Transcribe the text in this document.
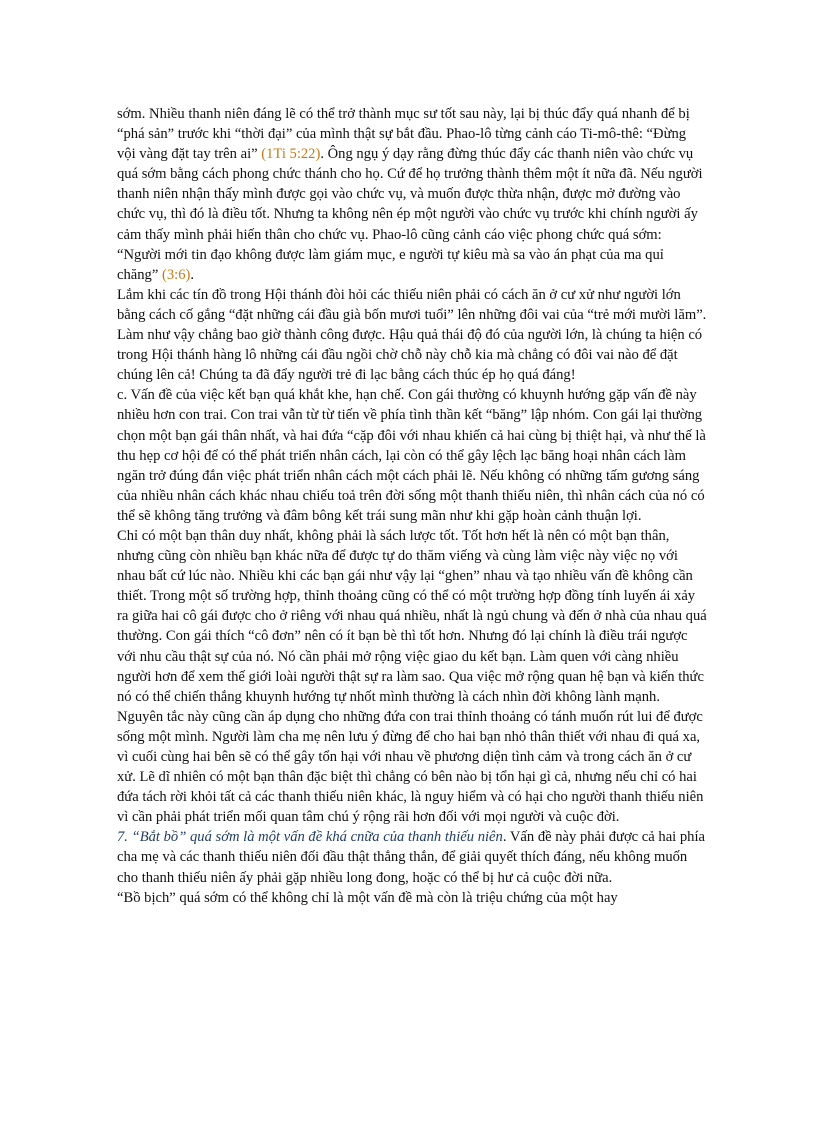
sớm. Nhiều thanh niên đáng lẽ có thể trở thành mục sư tốt sau này, lại bị thúc đẩy quá nhanh để bị “phá sản” trước khi “thời đại” của mình thật sự bắt đầu. Phao-lô từng cảnh cáo Ti-mô-thê: “Đừng vội vàng đặt tay trên ai” (1Ti 5:22). Ông ngụ ý dạy rằng đừng thúc đẩy các thanh niên vào chức vụ quá sớm bằng cách phong chức thánh cho họ. Cứ để họ trưởng thành thêm một ít nữa đã. Nếu người thanh niên nhận thấy mình được gọi vào chức vụ, và muốn được thừa nhận, được mở đường vào chức vụ, thì đó là điều tốt. Nhưng ta không nên ép một người vào chức vụ trước khi chính người ấy cảm thấy mình phải hiến thân cho chức vụ. Phao-lô cũng cảnh cáo việc phong chức quá sớm: “Người mới tin đạo không được làm giám mục, e người tự kiêu mà sa vào án phạt của ma quỉ chăng” (3:6).

Lắm khi các tín đồ trong Hội thánh đòi hỏi các thiếu niên phải có cách ăn ở cư xử như người lớn bằng cách cố gắng “đặt những cái đầu già bốn mươi tuổi” lên những đôi vai của “trẻ mới mười lăm”. Làm như vậy chẳng bao giờ thành công được. Hậu quả thái độ đó của người lớn, là chúng ta hiện có trong Hội thánh hàng lô những cái đầu ngồi chờ chỗ này chỗ kia mà chẳng có đôi vai nào để đặt chúng lên cả! Chúng ta đã đẩy người trẻ đi lạc bằng cách thúc ép họ quá đáng!

c. Vấn đề của việc kết bạn quá khắt khe, hạn chế. Con gái thường có khuynh hướng gặp vấn đề này nhiều hơn con trai. Con trai vẫn từ từ tiến về phía tình thần kết “băng” lập nhóm. Con gái lại thường chọn một bạn gái thân nhất, và hai đứa “cặp đôi với nhau khiến cả hai cùng bị thiệt hại, và như thế là thu hẹp cơ hội để có thể phát triển nhân cách, lại còn có thể gây lệch lạc băng hoại nhân cách làm ngăn trở đúng đắn việc phát triển nhân cách một cách phải lẽ. Nếu không có những tấm gương sáng của nhiều nhân cách khác nhau chiếu toả trên đời sống một thanh thiếu niên, thì nhân cách của nó có thể sẽ không tăng trưởng và đâm bông kết trái sung mãn như khi gặp hoàn cảnh thuận lợi.

Chỉ có một bạn thân duy nhất, không phải là sách lược tốt. Tốt hơn hết là nên có một bạn thân, nhưng cũng còn nhiều bạn khác nữa để được tự do thăm viếng và cùng làm việc này việc nọ với nhau bất cứ lúc nào. Nhiều khi các bạn gái như vậy lại “ghen” nhau và tạo nhiều vấn đề không cần thiết. Trong một số trường hợp, thỉnh thoảng cũng có thể có một trường hợp đồng tính luyến ái xảy ra giữa hai cô gái được cho ở riêng với nhau quá nhiều, nhất là ngủ chung và đến ở nhà của nhau quá thường. Con gái thích “cô đơn” nên có ít bạn bè thì tốt hơn. Nhưng đó lại chính là điều trái ngược với nhu cầu thật sự của nó. Nó cần phải mở rộng việc giao du kết bạn. Làm quen với càng nhiều người hơn để xem thế giới loài người thật sự ra làm sao. Qua việc mở rộng quan hệ bạn và kiến thức nó có thể chiến thắng khuynh hướng tự nhốt mình thường là cách nhìn đời không lành mạnh. Nguyên tắc này cũng cần áp dụng cho những đứa con trai thỉnh thoảng có tánh muốn rút lui để được sống một mình. Người làm cha mẹ nên lưu ý đừng để cho hai bạn nhỏ thân thiết với nhau đi quá xa, vì cuối cùng hai bên sẽ có thể gây tổn hại với nhau về phương diện tình cảm và trong cách ăn ở cư xử. Lẽ dĩ nhiên có một bạn thân đặc biệt thì chẳng có bên nào bị tổn hại gì cả, nhưng nếu chỉ có hai đứa tách rời khỏi tất cả các thanh thiếu niên khác, là nguy hiểm và có hại cho người thanh thiếu niên vì cần phải phát triển mối quan tâm chú ý rộng rãi hơn đối với mọi người và cuộc đời.

7. “Bắt bồ” quá sớm là một vấn đề khá cnữa của thanh thiếu niên. Vấn đề này phải được cả hai phía cha mẹ và các thanh thiếu niên đối đầu thật thẳng thắn, để giải quyết thích đáng, nếu không muốn cho thanh thiếu niên ấy phải gặp nhiều long đong, hoặc có thể bị hư cả cuộc đời nữa.

“Bồ bịch” quá sớm có thể không chỉ là một vấn đề mà còn là triệu chứng của một hay
